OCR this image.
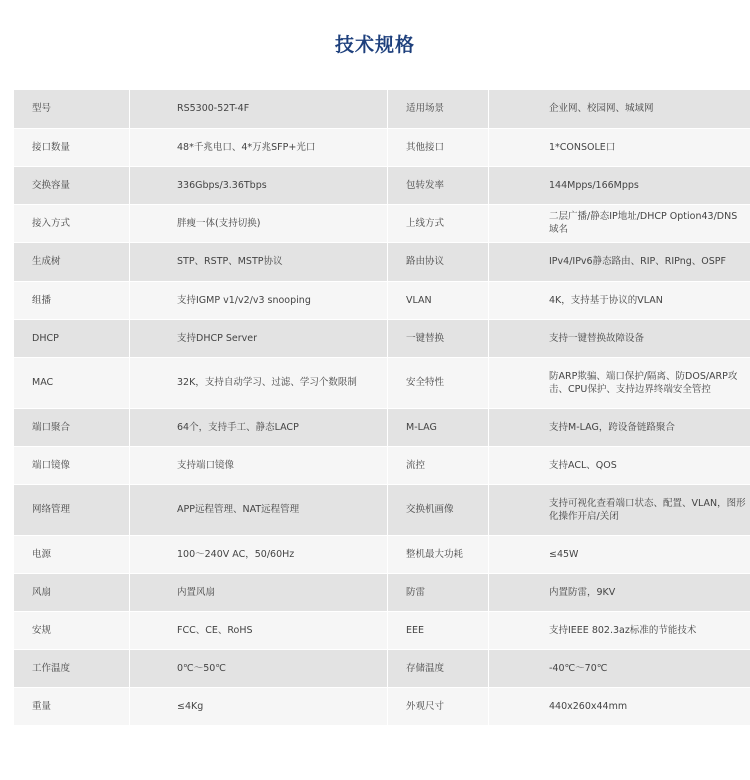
技术规格
型号	RS5300-52T-4F	适用场景	企业网、校园网、城域网
接口数量	48*千兆电口、4*万兆SFP+光口	其他接口	1*CONSOLE口
交换容量	336Gbps/3.36Tbps	包转发率	144Mpps/166Mpps
接入方式	胖瘦一体(支持切换)	上线方式	二层广播/静态IP地址/DHCP Option43/DNS域名
生成树	STP、RSTP、MSTP协议	路由协议	IPv4/IPv6静态路由、RIP、RIPng、OSPF
组播	支持IGMP v1/v2/v3 snooping	VLAN	4K，支持基于协议的VLAN
DHCP	支持DHCP Server	一键替换	支持一键替换故障设备
MAC	32K，支持自动学习、过滤、学习个数限制	安全特性	防ARP欺骗、端口保护/隔离、防DOS/ARP攻击、CPU保护、支持边界终端安全管控
端口聚合	64个，支持手工、静态LACP	M-LAG	支持M-LAG，跨设备链路聚合
端口镜像	支持端口镜像	流控	支持ACL、QOS
网络管理	APP远程管理、NAT远程管理	交换机画像	支持可视化查看端口状态、配置、VLAN，图形化操作开启/关闭
电源	100～240V AC，50/60Hz	整机最大功耗	≤45W
风扇	内置风扇	防雷	内置防雷，9KV
安规	FCC、CE、RoHS	EEE	支持IEEE 802.3az标准的节能技术
工作温度	0℃～50℃	存储温度	-40℃～70℃
重量	≤4Kg	外观尺寸	440x260x44mm
